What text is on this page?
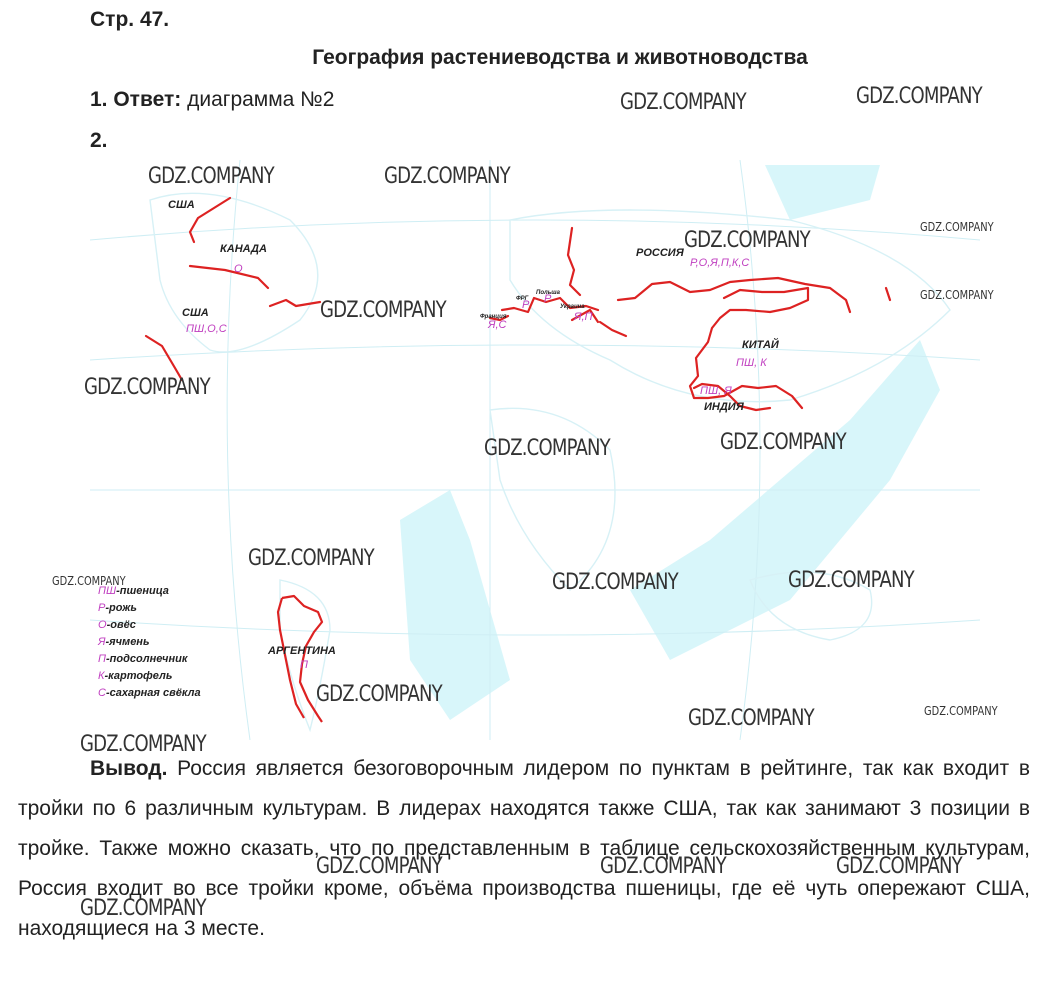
Стр. 47.
География растениеводства и животноводства
1. Ответ: диаграмма №2
2.
США
КАНАДА
О
США
ПШ,О,С
РОССИЯ
Р,О,Я,П,К,С
КИТАЙ
ПШ, К
ПШ, Я
ИНДИЯ
АРГЕНТИНА
П
Франция
Я,С
ФРГ
Р
Польша
Р
Украина
Я,П
ПШ-пшеница
Р-рожь
О-овёс
Я-ячмень
П-подсолнечник
К-картофель
С-сахарная свёкла
Вывод. Россия является безоговорочным лидером по пунктам в рейтинге, так как входит в тройки по 6 различным культурам. В лидерах находятся также США, так как занимают 3 позиции в тройке. Также можно сказать, что по представленным в таблице сельскохозяйственным культурам, Россия входит во все тройки кроме, объёма производства пшеницы, где её чуть опережают США, находящиеся на 3 месте.
GDZ.COMPANY	GDZ.COMPANY
GDZ.COMPANY	GDZ.COMPANY
GDZ.COMPANY
GDZ.COMPANY
GDZ.COMPANY
GDZ.COMPANY
GDZ.COMPANY
GDZ.COMPANY	GDZ.COMPANY
GDZ.COMPANY
GDZ.COMPANY	GDZ.COMPANY	GDZ.COMPANY
GDZ.COMPANY
GDZ.COMPANY
GDZ.COMPANY
GDZ.COMPANY
GDZ.COMPANY	GDZ.COMPANY	GDZ.COMPANY
GDZ.COMPANY
